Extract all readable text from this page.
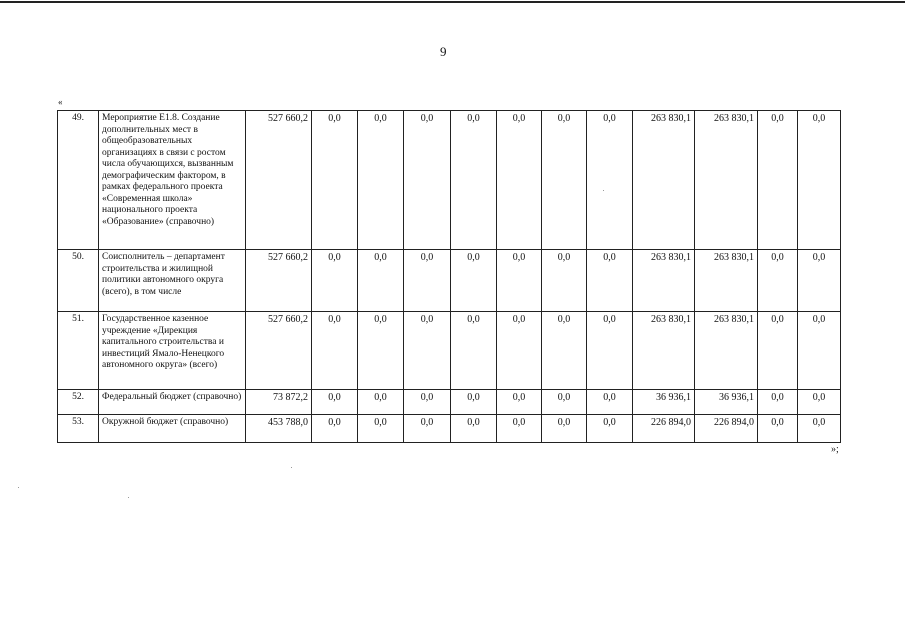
9
«
49.	Мероприятие Е1.8. Создание дополнительных мест в общеобразовательных организациях в связи с ростом числа обучающихся, вызванным демографическим фактором, в рамках федерального проекта «Современная школа» национального проекта «Образование» (справочно)	527 660,2	0,0	0,0	0,0	0,0	0,0	0,0	0,0	263 830,1	263 830,1	0,0	0,0
50.	Соисполнитель – департамент строительства и жилищной политики автономного округа (всего), в том числе	527 660,2	0,0	0,0	0,0	0,0	0,0	0,0	0,0	263 830,1	263 830,1	0,0	0,0
51.	Государственное казенное учреждение «Дирекция капитального строительства и инвестиций Ямало-Ненецкого автономного округа» (всего)	527 660,2	0,0	0,0	0,0	0,0	0,0	0,0	0,0	263 830,1	263 830,1	0,0	0,0
52.	Федеральный бюджет (справочно)	73 872,2	0,0	0,0	0,0	0,0	0,0	0,0	0,0	36 936,1	36 936,1	0,0	0,0
53.	Окружной бюджет (справочно)	453 788,0	0,0	0,0	0,0	0,0	0,0	0,0	0,0	226 894,0	226 894,0	0,0	0,0
»;
